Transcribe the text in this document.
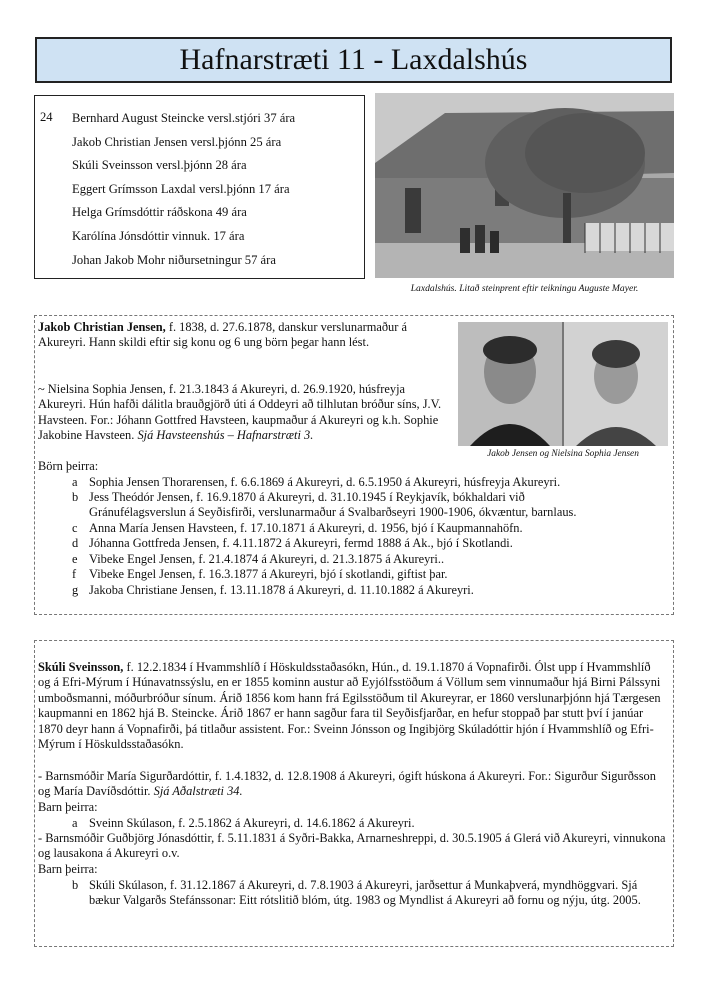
Hafnarstræti 11 - Laxdalshús
24 Bernhard August Steincke versl.stjóri 37 ára
Jakob Christian Jensen versl.þjónn 25 ára
Skúli Sveinsson versl.þjónn 28 ára
Eggert Grímsson Laxdal versl.þjónn 17 ára
Helga Grímsdóttir ráðskona 49 ára
Karólína Jónsdóttir vinnuk. 17 ára
Johan Jakob Mohr niðursetningur 57 ára
Laxdalshús. Litað steinprent eftir teikningu Auguste Mayer.

Jakob Christian Jensen, f. 1838, d. 27.6.1878, danskur verslunarmaður á Akureyri. Hann skildi eftir sig konu og 6 ung börn þegar hann lést.

~ Nielsina Sophia Jensen, f. 21.3.1843 á Akureyri, d. 26.9.1920, húsfreyja Akureyri. Hún hafði dálitla brauðgjörð úti á Oddeyri að tilhlutan bróður síns, J.V. Havsteen. For.: Jóhann Gottfred Havsteen, kaupmaður á Akureyri og k.h. Sophie Jakobine Havsteen. Sjá Havsteenshús – Hafnarstræti 3.

Börn þeirra:

Jakob Jensen og Nielsina Sophia Jensen
a Sophia Jensen Thorarensen, f. 6.6.1869 á Akureyri, d. 6.5.1950 á Akureyri, húsfreyja Akureyri.
b Jess Theódór Jensen, f. 16.9.1870 á Akureyri, d. 31.10.1945 í Reykjavík, bókhaldari við
Gránufélagsverslun á Seyðisfirði, verslunarmaður á Svalbarðseyri 1900-1906, ókvæntur, barnlaus.
c Anna María Jensen Havsteen, f. 17.10.1871 á Akureyri, d. 1956, bjó í Kaupmannahöfn.
d Jóhanna Gottfreda Jensen, f. 4.11.1872 á Akureyri, fermd 1888 á Ak., bjó í Skotlandi.
e Vibeke Engel Jensen, f. 21.4.1874 á Akureyri, d. 21.3.1875 á Akureyri..
f Vibeke Engel Jensen, f. 16.3.1877 á Akureyri, bjó í skotlandi, giftist þar.
g Jakoba Christiane Jensen, f. 13.11.1878 á Akureyri, d. 11.10.1882 á Akureyri.

Skúli Sveinsson, f. 12.2.1834 í Hvammshlíð í Höskuldsstaðasókn, Hún., d. 19.1.1870 á Vopnafirði. Ólst upp í Hvammshlíð og á Efri-Mýrum í Húnavatnssýslu, en er 1855 kominn austur að Eyjólfsstöðum á Völlum sem vinnumaður hjá Birni Pálssyni umboðsmanni, móðurbróður sínum. Árið 1856 kom hann frá Egilsstöðum til Akureyrar, er 1860 verslunarþjónn hjá Tærgesen kaupmanni en 1862 hjá B. Steincke. Árið 1867 er hann sagður fara til Seyðisfjarðar, en hefur stoppað þar stutt því í janúar 1870 deyr hann á Vopnafirði, þá titlaður assistent. For.: Sveinn Jónsson og Ingibjörg Skúladóttir hjón í Hvammshlíð og Efri-Mýrum í Höskuldsstaðasókn.

- Barnsmóðir María Sigurðardóttir, f. 1.4.1832, d. 12.8.1908 á Akureyri, ógift húskona á Akureyri. For.: Sigurður Sigurðsson og María Davíðsdóttir. Sjá Aðalstræti 34.

Barn þeirra:

a Sveinn Skúlason, f. 2.5.1862 á Akureyri, d. 14.6.1862 á Akureyri.

- Barnsmóðir Guðbjörg Jónasdóttir, f. 5.11.1831 á Syðri-Bakka, Arnarneshreppi, d. 30.5.1905 á Glerá við Akureyri, vinnukona og lausakona á Akureyri o.v.

Barn þeirra:

b Skúli Skúlason, f. 31.12.1867 á Akureyri, d. 7.8.1903 á Akureyri, jarðsettur á Munkaþverá, myndhöggvari. Sjá bækur Valgarðs Stefánssonar: Eitt rótslitið blóm, útg. 1983 og Myndlist á Akureyri að fornu og nýju, útg. 2005.
